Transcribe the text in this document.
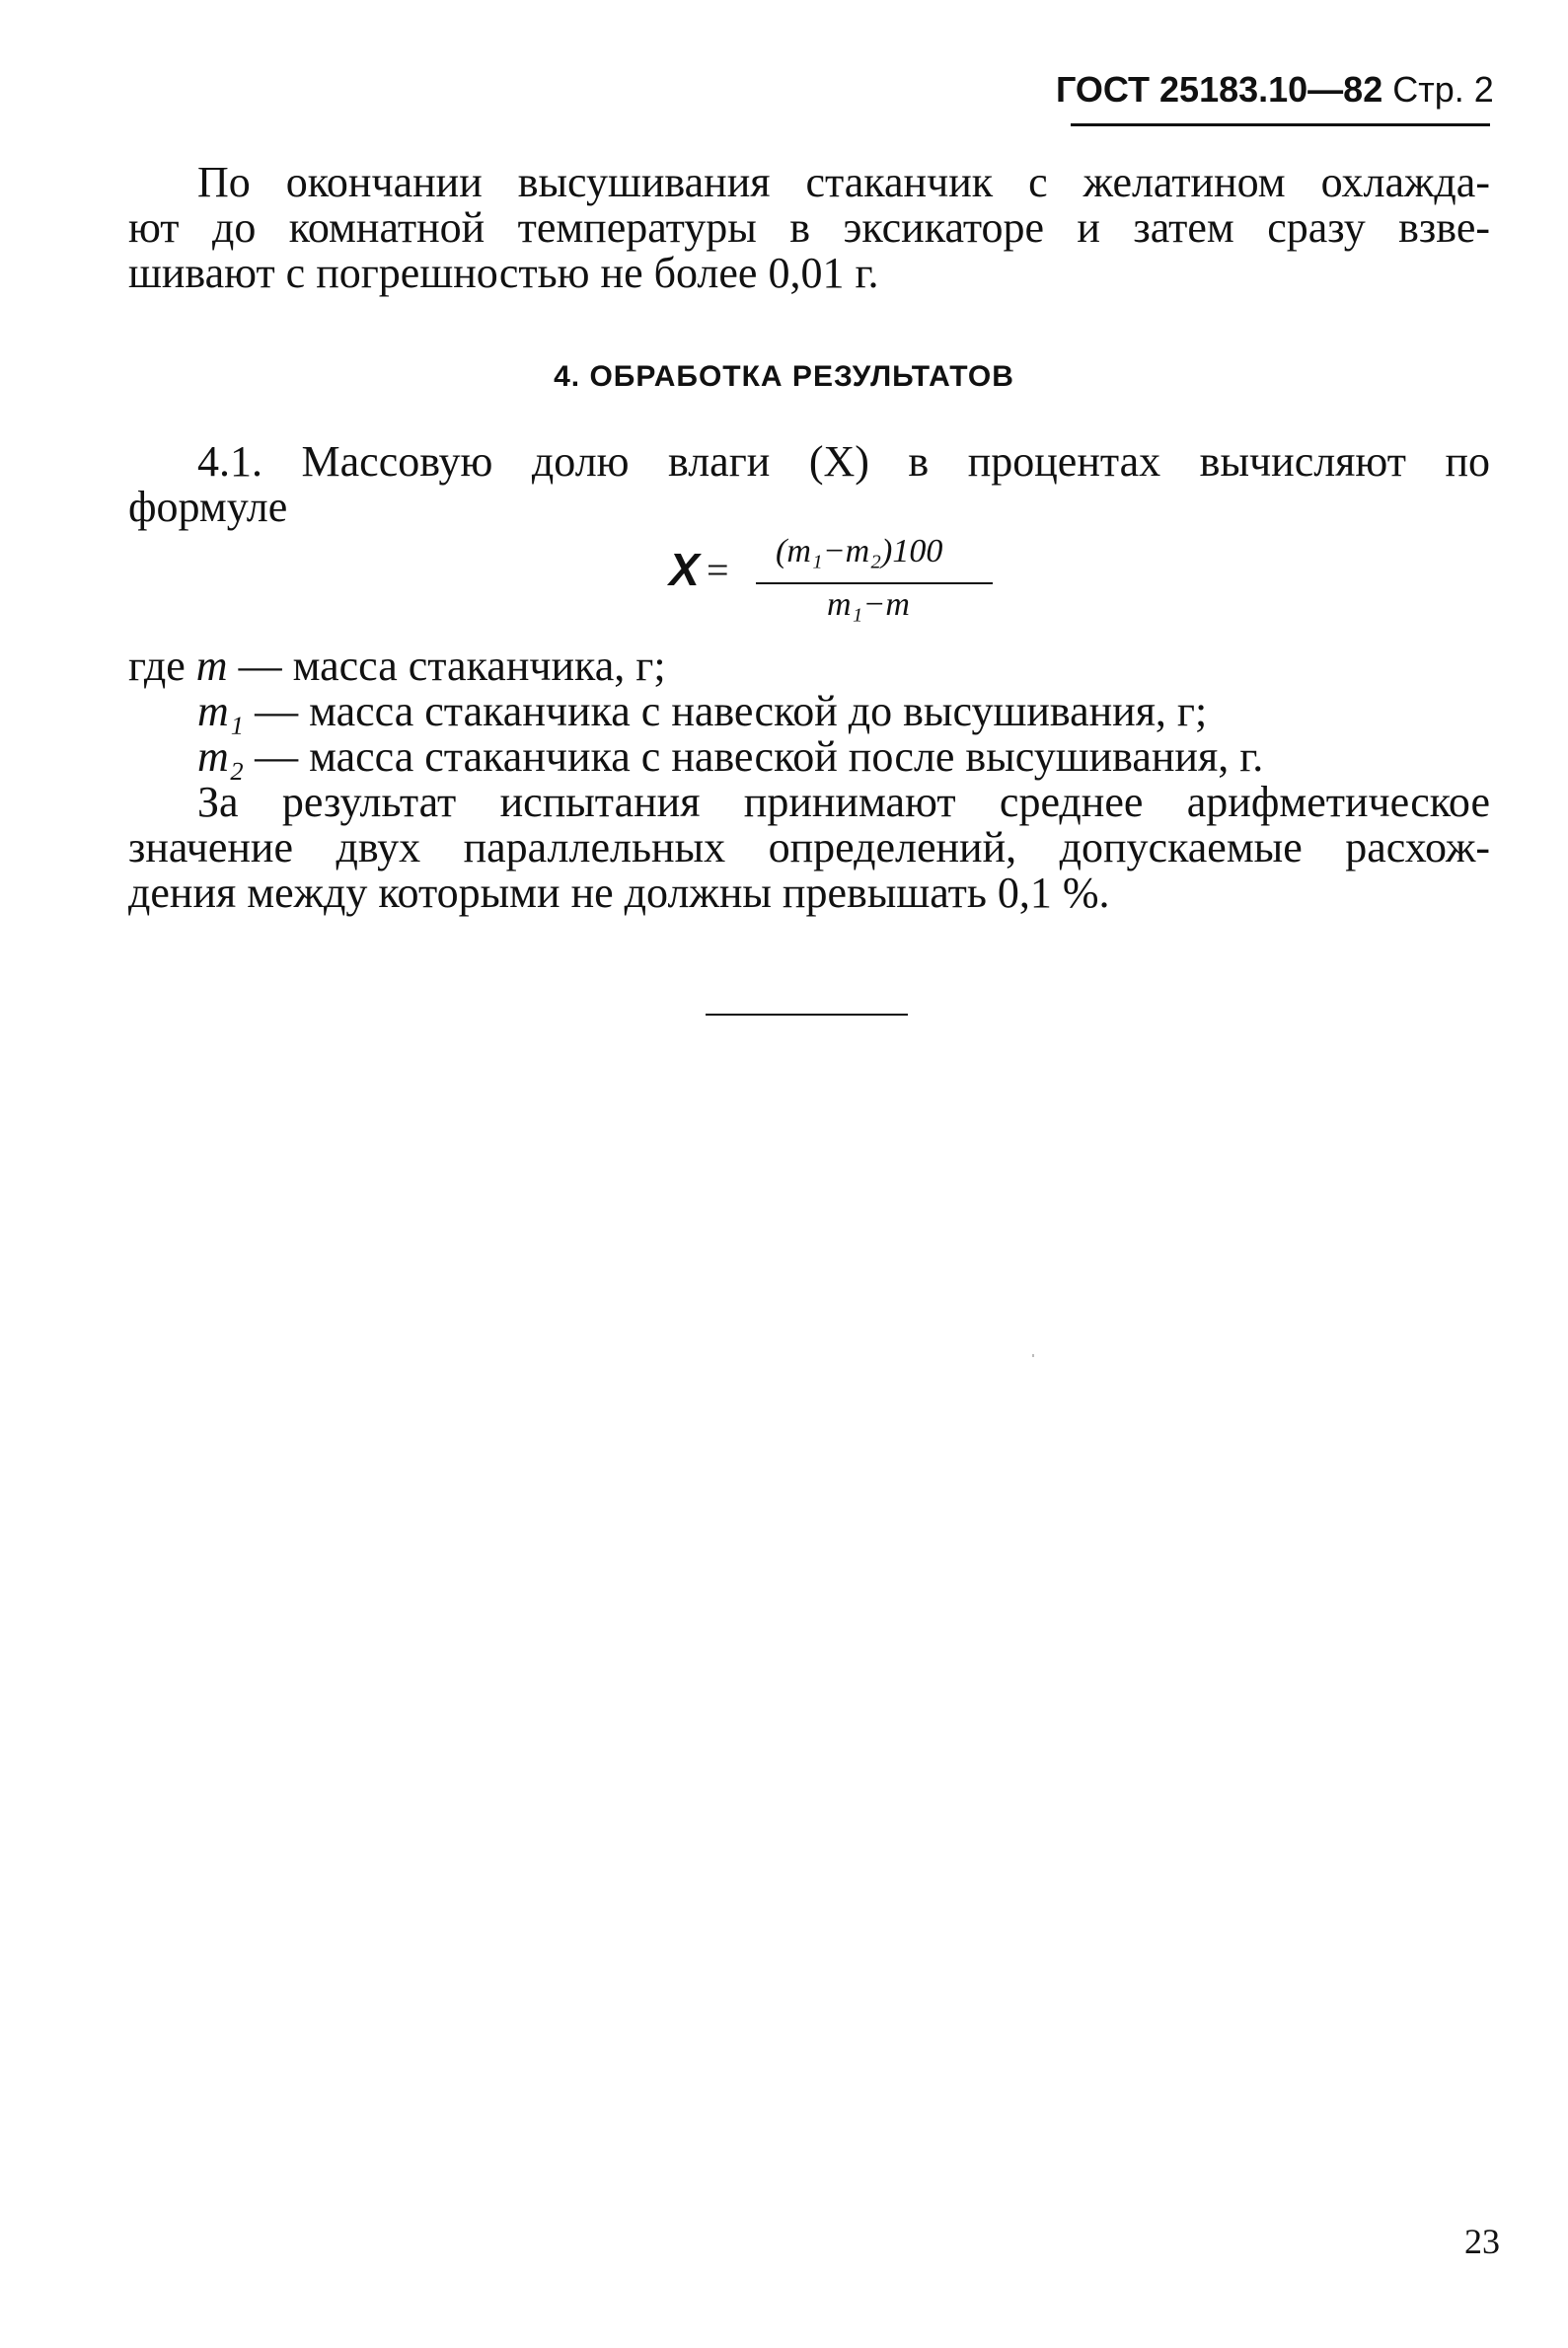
ГОСТ 25183.10—82 Стр. 2
По окончании высушивания стаканчик с желатином охлажда-
ют до комнатной температуры в эксикаторе и затем сразу взве-
шивают с погрешностью не более 0,01 г.
4. ОБРАБОТКА РЕЗУЛЬТАТОВ
4.1. Массовую долю влаги (X) в процентах вычисляют по
формуле
X = (m₁−m₂)100
m₁−m
где m — масса стаканчика, г;
m₁ — масса стаканчика с навеской до высушивания, г;
m₂ — масса стаканчика с навеской после высушивания, г.
За результат испытания принимают среднее арифметическое
значение двух параллельных определений, допускаемые расхож-
дения между которыми не должны превышать 0,1 %.
23
